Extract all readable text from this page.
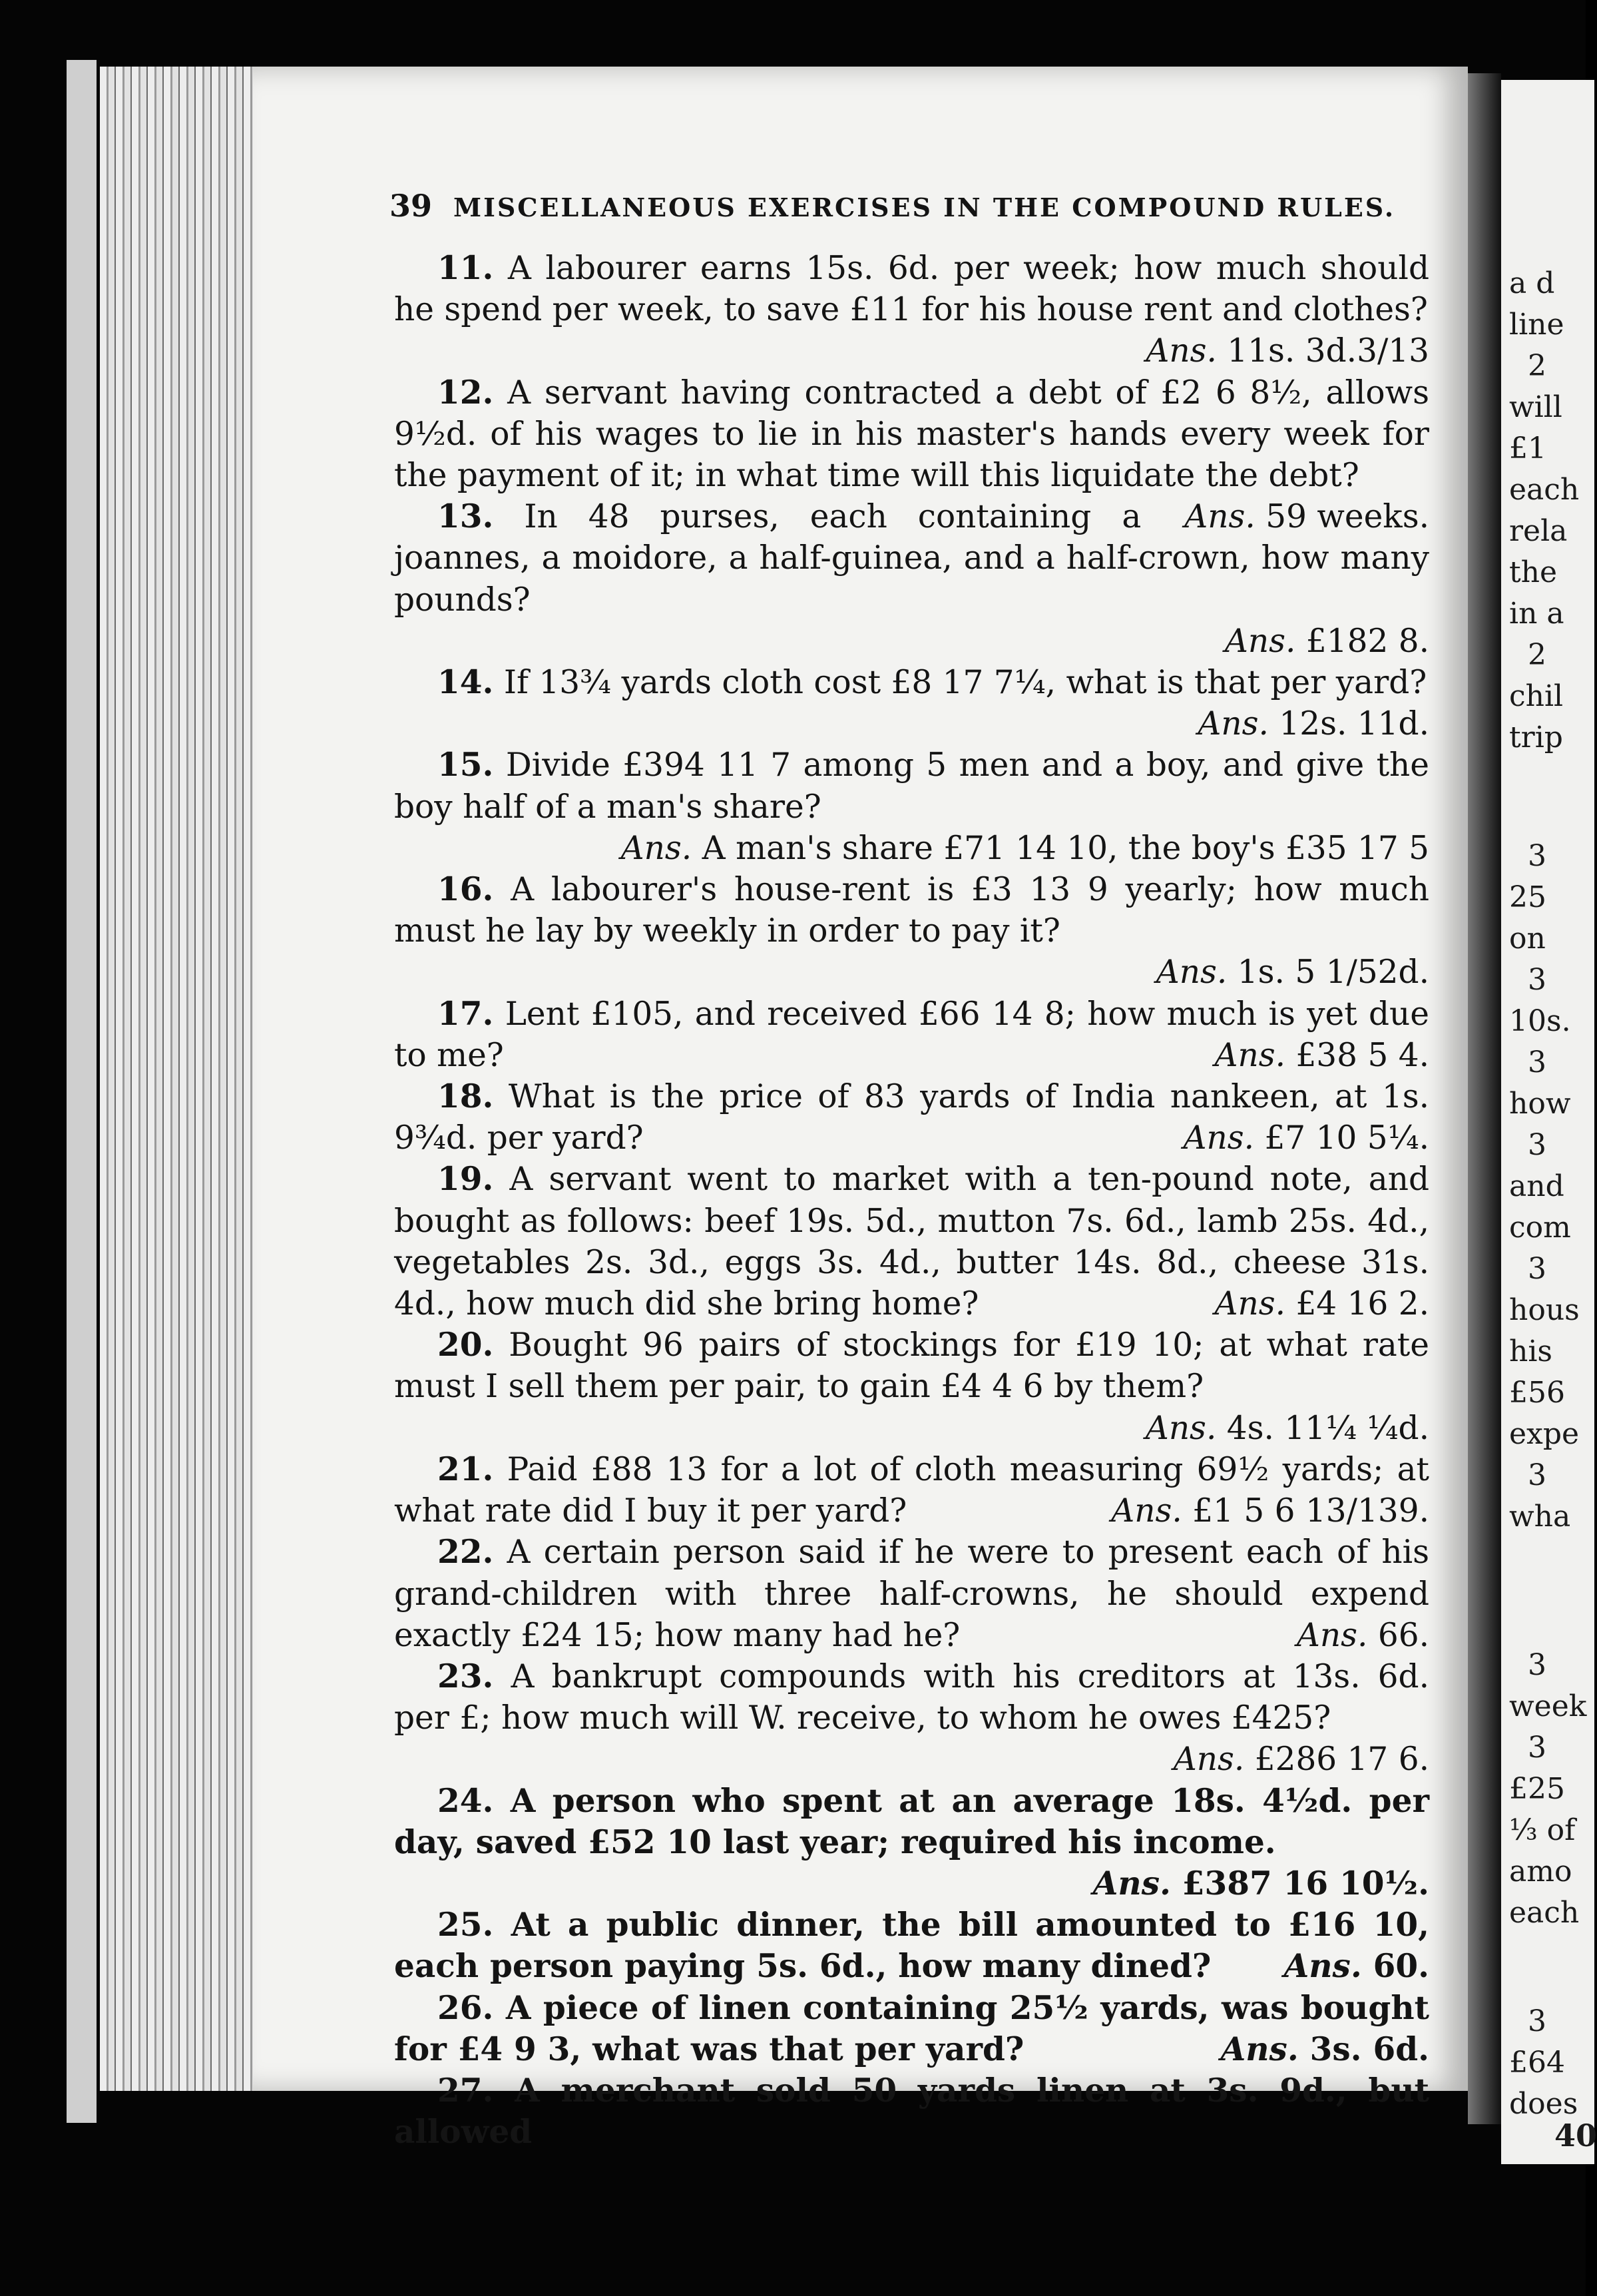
39 MISCELLANEOUS EXERCISES IN THE COMPOUND RULES.

11. A labourer earns 15s. 6d. per week; how much should he spend per week, to save £11 for his house rent and clothes?
Ans. 11s. 3d.3/13

12. A servant having contracted a debt of £2 6 8½, allows 9½d. of his wages to lie in his master's hands every week for the payment of it; in what time will this liquidate the debt?
Ans. 59 weeks.

13. In 48 purses, each containing a joannes, a moidore, a half-guinea, and a half-crown, how many pounds?

Ans. £182 8.

14. If 13¾ yards cloth cost £8 17 7¼, what is that per yard?
Ans. 12s. 11d.

15. Divide £394 11 7 among 5 men and a boy, and give the boy half of a man's share?

Ans. A man's share £71 14 10, the boy's £35 17 5

16. A labourer's house-rent is £3 13 9 yearly; how much must he lay by weekly in order to pay it?

Ans. 1s. 5 1/52d.

17. Lent £105, and received £66 14 8; how much is yet due to me?	Ans. £38 5 4.

18. What is the price of 83 yards of India nankeen, at 1s. 9¾d. per yard?	Ans. £7 10 5¼.

19. A servant went to market with a ten-pound note, and bought as follows: beef 19s. 5d., mutton 7s. 6d., lamb 25s. 4d., vegetables 2s. 3d., eggs 3s. 4d., butter 14s. 8d., cheese 31s. 4d., how much did she bring home?	Ans. £4 16 2.

20. Bought 96 pairs of stockings for £19 10; at what rate must I sell them per pair, to gain £4 4 6 by them?

Ans. 4s. 11¼ ¼d.

21. Paid £88 13 for a lot of cloth measuring 69½ yards; at what rate did I buy it per yard?	Ans. £1 5 6 13/139.

22. A certain person said if he were to present each of his grand-children with three half-crowns, he should expend exactly £24 15; how many had he?	Ans. 66.

23. A bankrupt compounds with his creditors at 13s. 6d. per £; how much will W. receive, to whom he owes £425?

Ans. £286 17 6.

24. A person who spent at an average 18s. 4½d. per day, saved £52 10 last year; required his income.

Ans. £387 16 10½.

25. At a public dinner, the bill amounted to £16 10, each person paying 5s. 6d., how many dined?	Ans. 60.

26. A piece of linen containing 25½ yards, was bought for £4 9 3, what was that per yard?	Ans. 3s. 6d.

27. A merchant sold 50 yards linen at 3s. 9d., but allowed

a d
line
2
will
£1
each
rela
the
in a
2
chil
trip
3
25
on
3
10s.
3
how
3
and
com
3
hous
his
£56
expe
3
wha
3
week
3
£25
⅓ of
amo
each
3
£64
does
40
